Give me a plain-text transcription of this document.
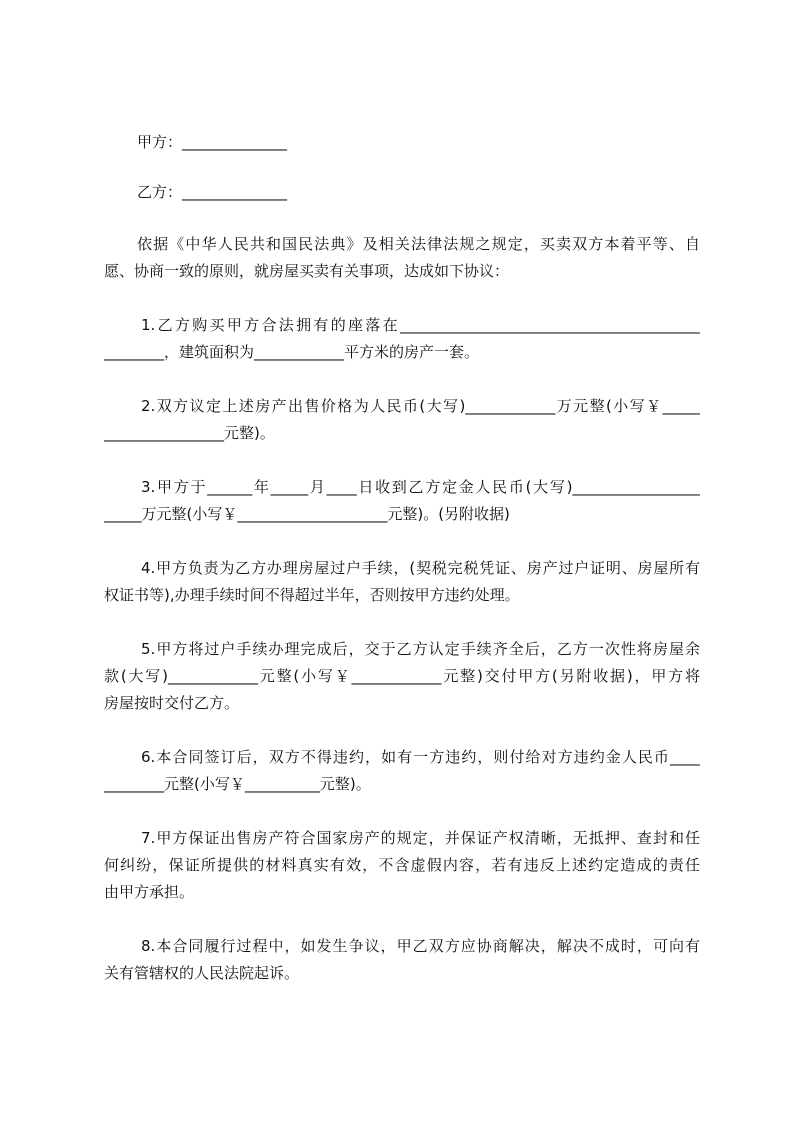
甲方：______________
乙方：______________
依据《中华人民共和国民法典》及相关法律法规之规定，买卖双方本着平等、自
愿、协商一致的原则，就房屋买卖有关事项，达成如下协议：
1.乙方购买甲方合法拥有的座落在________________________________________
________，建筑面积为____________平方米的房产一套。
2.双方议定上述房产出售价格为人民币(大写)____________万元整(小写￥_____
________________元整)。
3.甲方于______年_____月____日收到乙方定金人民币(大写)_________________
_____万元整(小写￥____________________元整)。(另附收据)
4.甲方负责为乙方办理房屋过户手续，(契税完税凭证、房产过户证明、房屋所有
权证书等),办理手续时间不得超过半年，否则按甲方违约处理。
5.甲方将过户手续办理完成后，交于乙方认定手续齐全后，乙方一次性将房屋余
款(大写)____________元整(小写￥____________元整)交付甲方(另附收据)，甲方将
房屋按时交付乙方。
6.本合同签订后，双方不得违约，如有一方违约，则付给对方违约金人民币____
________元整(小写￥__________元整)。
7.甲方保证出售房产符合国家房产的规定，并保证产权清晰，无抵押、查封和任
何纠纷，保证所提供的材料真实有效，不含虚假内容，若有违反上述约定造成的责任
由甲方承担。
8.本合同履行过程中，如发生争议，甲乙双方应协商解决，解决不成时，可向有
关有管辖权的人民法院起诉。
